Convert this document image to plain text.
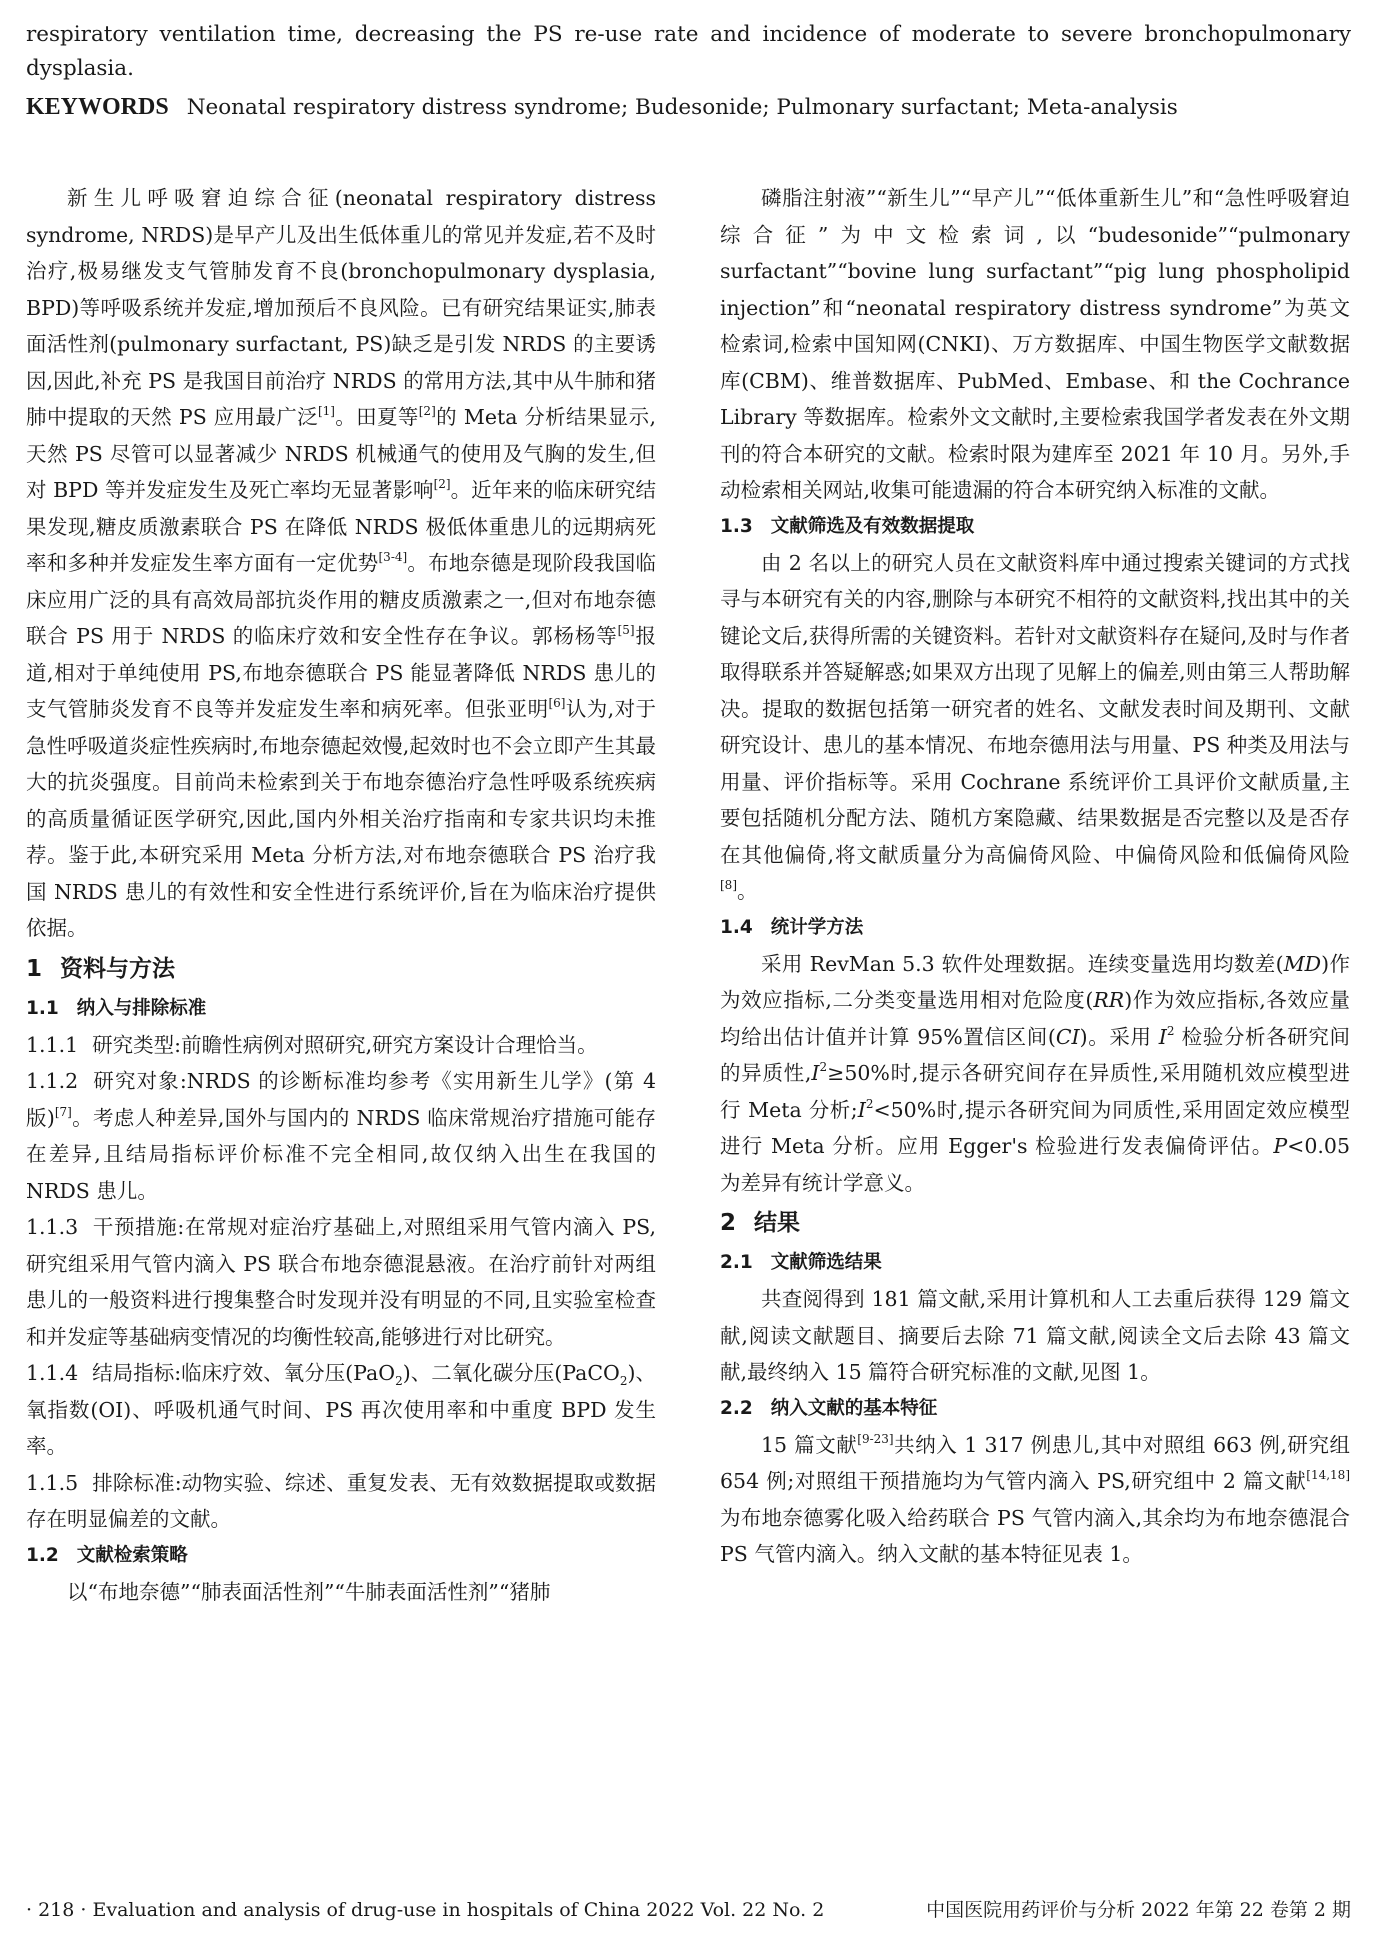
respiratory ventilation time, decreasing the PS re-use rate and incidence of moderate to severe bronchopulmonary dysplasia.

KEYWORDS Neonatal respiratory distress syndrome; Budesonide; Pulmonary surfactant; Meta-analysis

新生儿呼吸窘迫综合征(neonatal respiratory distress syndrome, NRDS)是早产儿及出生低体重儿的常见并发症,若不及时治疗,极易继发支气管肺发育不良(bronchopulmonary dysplasia, BPD)等呼吸系统并发症,增加预后不良风险。已有研究结果证实,肺表面活性剂(pulmonary surfactant, PS)缺乏是引发 NRDS 的主要诱因,因此,补充 PS 是我国目前治疗 NRDS 的常用方法,其中从牛肺和猪肺中提取的天然 PS 应用最广泛[1]。田夏等[2]的 Meta 分析结果显示,天然 PS 尽管可以显著减少 NRDS 机械通气的使用及气胸的发生,但对 BPD 等并发症发生及死亡率均无显著影响[2]。近年来的临床研究结果发现,糖皮质激素联合 PS 在降低 NRDS 极低体重患儿的远期病死率和多种并发症发生率方面有一定优势[3-4]。布地奈德是现阶段我国临床应用广泛的具有高效局部抗炎作用的糖皮质激素之一,但对布地奈德联合 PS 用于 NRDS 的临床疗效和安全性存在争议。郭杨杨等[5]报道,相对于单纯使用 PS,布地奈德联合 PS 能显著降低 NRDS 患儿的支气管肺炎发育不良等并发症发生率和病死率。但张亚明[6]认为,对于急性呼吸道炎症性疾病时,布地奈德起效慢,起效时也不会立即产生其最大的抗炎强度。目前尚未检索到关于布地奈德治疗急性呼吸系统疾病的高质量循证医学研究,因此,国内外相关治疗指南和专家共识均未推荐。鉴于此,本研究采用 Meta 分析方法,对布地奈德联合 PS 治疗我国 NRDS 患儿的有效性和安全性进行系统评价,旨在为临床治疗提供依据。

1 资料与方法

1.1 纳入与排除标准

1.1.1 研究类型:前瞻性病例对照研究,研究方案设计合理恰当。

1.1.2 研究对象:NRDS 的诊断标准均参考《实用新生儿学》(第 4 版)[7]。考虑人种差异,国外与国内的 NRDS 临床常规治疗措施可能存在差异,且结局指标评价标准不完全相同,故仅纳入出生在我国的 NRDS 患儿。

1.1.3 干预措施:在常规对症治疗基础上,对照组采用气管内滴入 PS,研究组采用气管内滴入 PS 联合布地奈德混悬液。在治疗前针对两组患儿的一般资料进行搜集整合时发现并没有明显的不同,且实验室检查和并发症等基础病变情况的均衡性较高,能够进行对比研究。

1.1.4 结局指标:临床疗效、氧分压(PaO$_2$)、二氧化碳分压(PaCO$_2$)、氧指数(OI)、呼吸机通气时间、PS 再次使用率和中重度 BPD 发生率。

1.1.5 排除标准:动物实验、综述、重复发表、无有效数据提取或数据存在明显偏差的文献。

1.2 文献检索策略

以“布地奈德”“肺表面活性剂”“牛肺表面活性剂”“猪肺

磷脂注射液”“新生儿”“早产儿”“低体重新生儿”和“急性呼吸窘迫综合征”为中文检索词,以“budesonide”“pulmonary surfactant”“bovine lung surfactant”“pig lung phospholipid injection”和“neonatal respiratory distress syndrome”为英文检索词,检索中国知网(CNKI)、万方数据库、中国生物医学文献数据库(CBM)、维普数据库、PubMed、Embase、和 the Cochrance Library 等数据库。检索外文文献时,主要检索我国学者发表在外文期刊的符合本研究的文献。检索时限为建库至 2021 年 10 月。另外,手动检索相关网站,收集可能遗漏的符合本研究纳入标准的文献。

1.3 文献筛选及有效数据提取

由 2 名以上的研究人员在文献资料库中通过搜索关键词的方式找寻与本研究有关的内容,删除与本研究不相符的文献资料,找出其中的关键论文后,获得所需的关键资料。若针对文献资料存在疑问,及时与作者取得联系并答疑解惑;如果双方出现了见解上的偏差,则由第三人帮助解决。提取的数据包括第一研究者的姓名、文献发表时间及期刊、文献研究设计、患儿的基本情况、布地奈德用法与用量、PS 种类及用法与用量、评价指标等。采用 Cochrane 系统评价工具评价文献质量,主要包括随机分配方法、随机方案隐藏、结果数据是否完整以及是否存在其他偏倚,将文献质量分为高偏倚风险、中偏倚风险和低偏倚风险[8]。

1.4 统计学方法

采用 RevMan 5.3 软件处理数据。连续变量选用均数差(MD)作为效应指标,二分类变量选用相对危险度(RR)作为效应指标,各效应量均给出估计值并计算 95%置信区间(CI)。采用 $I^2$ 检验分析各研究间的异质性$,I^2\ge 50\%$时,提示各研究间存在异质性,采用随机效应模型进行 Meta 分析$;I^2<50\%$时,提示各研究间为同质性,采用固定效应模型进行 Meta 分析。应用 Egger's 检验进行发表偏倚评估。P<0.05 为差异有统计学意义。

2 结果

2.1 文献筛选结果

共查阅得到 181 篇文献,采用计算机和人工去重后获得 129 篇文献,阅读文献题目、摘要后去除 71 篇文献,阅读全文后去除 43 篇文献,最终纳入 15 篇符合研究标准的文献,见图 1。

2.2 纳入文献的基本特征

15 篇文献[9-23]共纳入 1 317 例患儿,其中对照组 663 例,研究组 654 例;对照组干预措施均为气管内滴入 PS,研究组中 2 篇文献[14,18]为布地奈德雾化吸入给药联合 PS 气管内滴入,其余均为布地奈德混合 PS 气管内滴入。纳入文献的基本特征见表 1。

· 218 · Evaluation and analysis of drug-use in hospitals of China 2022 Vol. 22 No. 2	中国医院用药评价与分析 2022 年第 22 卷第 2 期
